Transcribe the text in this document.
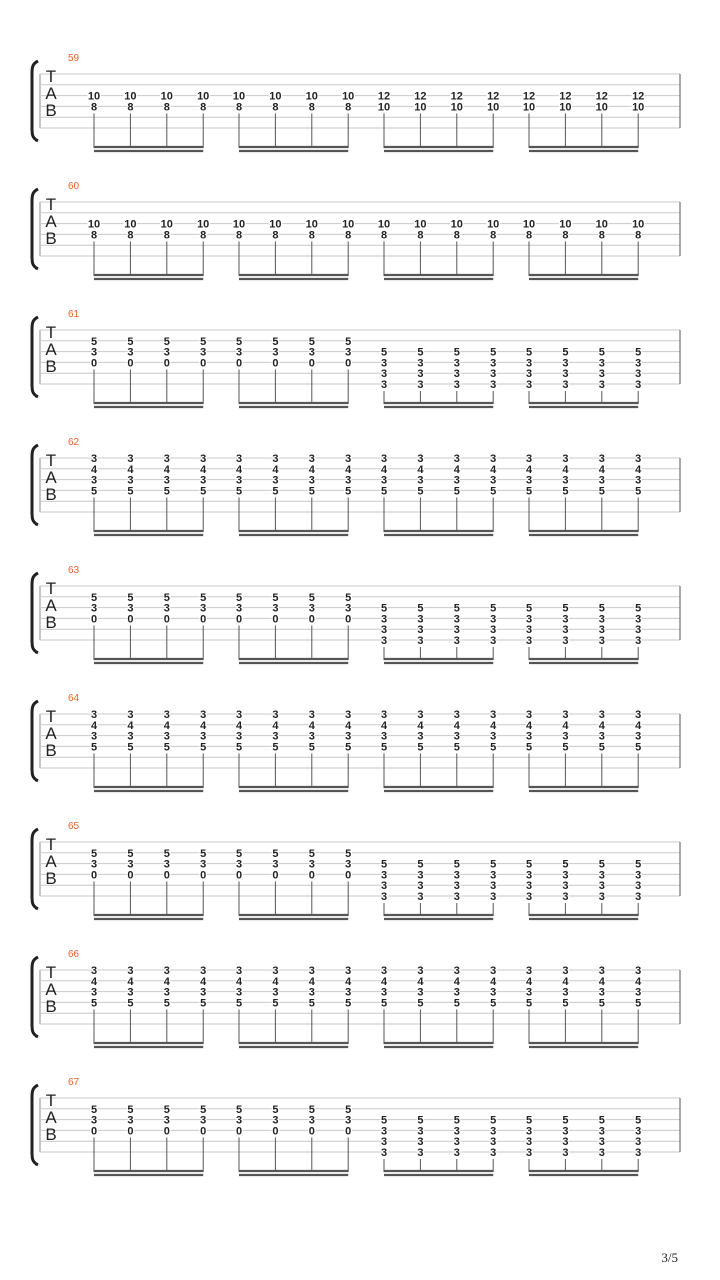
T
A
B
59
10
8
10
8
10
8
10
8
10
8
10
8
10
8
10
8
12
10
12
10
12
10
12
10
12
10
12
10
12
10
12
10
T
A
B
60
10
8
10
8
10
8
10
8
10
8
10
8
10
8
10
8
10
8
10
8
10
8
10
8
10
8
10
8
10
8
10
8
T
A
B
61
5
3
0
5
3
0
5
3
0
5
3
0
5
3
0
5
3
0
5
3
0
5
3
0
5
3
3
3
5
3
3
3
5
3
3
3
5
3
3
3
5
3
3
3
5
3
3
3
5
3
3
3
5
3
3
3
T
A
B
62
3
4
3
5
3
4
3
5
3
4
3
5
3
4
3
5
3
4
3
5
3
4
3
5
3
4
3
5
3
4
3
5
3
4
3
5
3
4
3
5
3
4
3
5
3
4
3
5
3
4
3
5
3
4
3
5
3
4
3
5
3
4
3
5
T
A
B
63
5
3
0
5
3
0
5
3
0
5
3
0
5
3
0
5
3
0
5
3
0
5
3
0
5
3
3
3
5
3
3
3
5
3
3
3
5
3
3
3
5
3
3
3
5
3
3
3
5
3
3
3
5
3
3
3
T
A
B
64
3
4
3
5
3
4
3
5
3
4
3
5
3
4
3
5
3
4
3
5
3
4
3
5
3
4
3
5
3
4
3
5
3
4
3
5
3
4
3
5
3
4
3
5
3
4
3
5
3
4
3
5
3
4
3
5
3
4
3
5
3
4
3
5
T
A
B
65
5
3
0
5
3
0
5
3
0
5
3
0
5
3
0
5
3
0
5
3
0
5
3
0
5
3
3
3
5
3
3
3
5
3
3
3
5
3
3
3
5
3
3
3
5
3
3
3
5
3
3
3
5
3
3
3
T
A
B
66
3
4
3
5
3
4
3
5
3
4
3
5
3
4
3
5
3
4
3
5
3
4
3
5
3
4
3
5
3
4
3
5
3
4
3
5
3
4
3
5
3
4
3
5
3
4
3
5
3
4
3
5
3
4
3
5
3
4
3
5
3
4
3
5
T
A
B
67
5
3
0
5
3
0
5
3
0
5
3
0
5
3
0
5
3
0
5
3
0
5
3
0
5
3
3
3
5
3
3
3
5
3
3
3
5
3
3
3
5
3
3
3
5
3
3
3
5
3
3
3
5
3
3
3
3/5
